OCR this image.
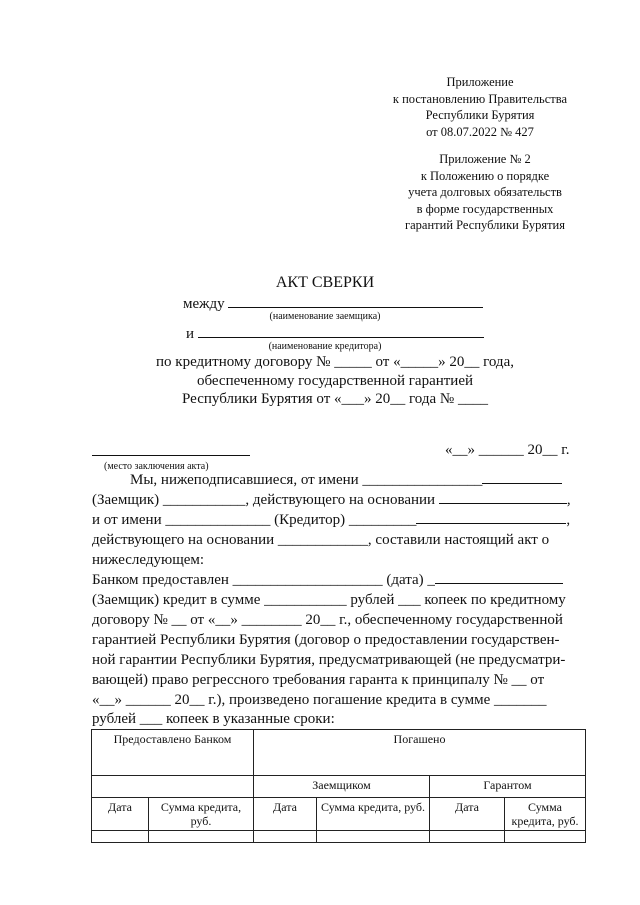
Приложение
к постановлению Правительства
Республики Бурятия
от 08.07.2022 № 427
Приложение № 2
к Положению о порядке
учета долговых обязательств
в форме государственных
гарантий Республики Бурятия
АКТ СВЕРКИ
между
(наименование заемщика)
и
(наименование кредитора)
по кредитному договору № _____ от «_____» 20__ года,
обеспеченному государственной гарантией
Республики Бурятия от «___» 20__ года № ____
(место заключения акта)
«__» ______ 20__ г.
Мы, нижеподписавшиеся, от имени ________________
(Заемщик) ___________, действующего на основании	,
и от имени ______________ (Кредитор) _________	,
действующего на основании ____________, составили настоящий акт о
нижеследующем:
Банком предоставлен ____________________ (дата) _
(Заемщик) кредит в сумме ___________ рублей ___ копеек по кредитному
договору № __ от «__» ________ 20__ г., обеспеченному государственной
гарантией Республики Бурятия (договор о предоставлении государствен-
ной гарантии Республики Бурятия, предусматривающей (не предусматри-
вающей) право регрессного требования гаранта к принципалу № __ от
«__» ______ 20__ г.), произведено погашение кредита в сумме _______
Предоставлено Банком		Погашено			
		Заемщиком		Гарантом	
Дата	Сумма кредита, руб.	Дата	Сумма кредита, руб.	Дата	Сумма кредита, руб.

рублей ___ копеек в указанные сроки:
